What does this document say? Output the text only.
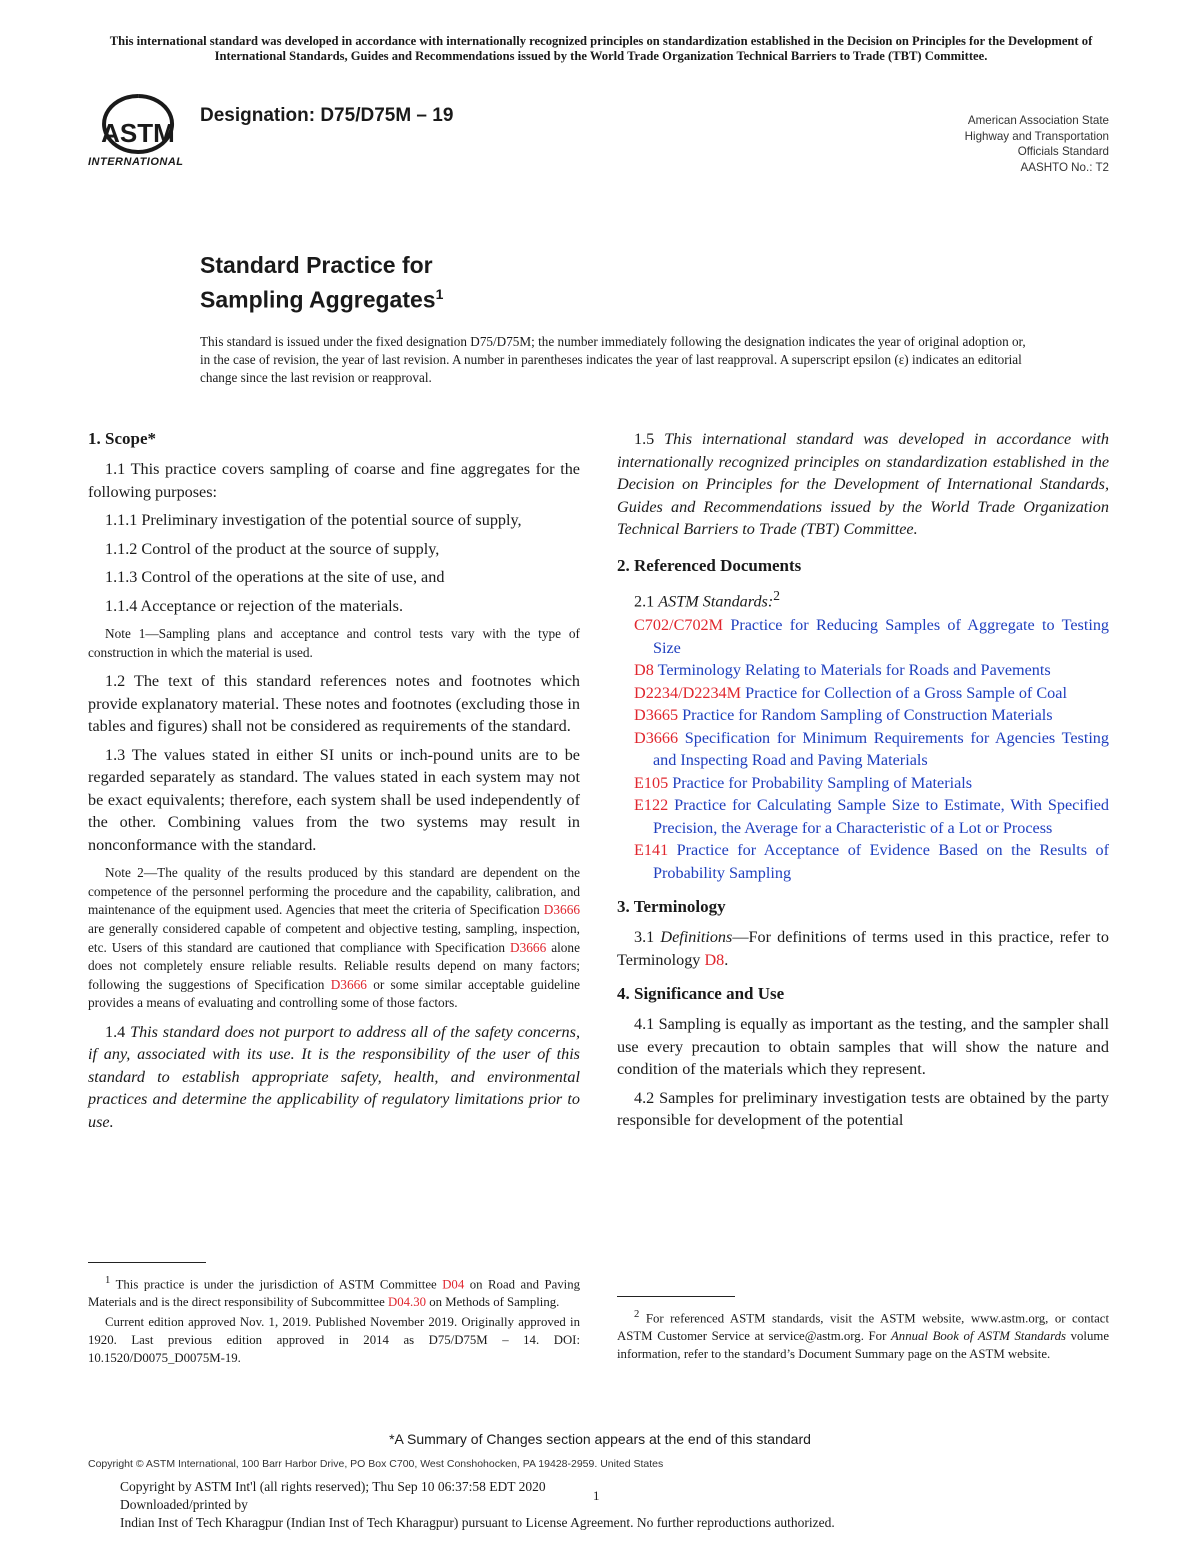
This international standard was developed in accordance with internationally recognized principles on standardization established in the Decision on Principles for the Development of International Standards, Guides and Recommendations issued by the World Trade Organization Technical Barriers to Trade (TBT) Committee.
ASTM
INTERNATIONAL
Designation: D75/D75M – 19	American Association State
Highway and Transportation
Officials Standard
AASHTO No.: T2
Standard Practice for
Sampling Aggregates$^1$
This standard is issued under the fixed designation D75/D75M; the number immediately following the designation indicates the year of original adoption or, in the case of revision, the year of last revision. A number in parentheses indicates the year of last reapproval. A superscript epsilon (ε) indicates an editorial change since the last revision or reapproval.
1. Scope*
1.1 This practice covers sampling of coarse and fine aggregates for the following purposes:
1.1.1 Preliminary investigation of the potential source of supply,
1.1.2 Control of the product at the source of supply,
1.1.3 Control of the operations at the site of use, and
1.1.4 Acceptance or rejection of the materials.
Note 1—Sampling plans and acceptance and control tests vary with the type of construction in which the material is used.
1.2 The text of this standard references notes and footnotes which provide explanatory material. These notes and footnotes (excluding those in tables and figures) shall not be considered as requirements of the standard.
1.3 The values stated in either SI units or inch-pound units are to be regarded separately as standard. The values stated in each system may not be exact equivalents; therefore, each system shall be used independently of the other. Combining values from the two systems may result in nonconformance with the standard.
Note 2—The quality of the results produced by this standard are dependent on the competence of the personnel performing the procedure and the capability, calibration, and maintenance of the equipment used. Agencies that meet the criteria of Specification D3666 are generally considered capable of competent and objective testing, sampling, inspection, etc. Users of this standard are cautioned that compliance with Specification D3666 alone does not completely ensure reliable results. Reliable results depend on many factors; following the suggestions of Specification D3666 or some similar acceptable guideline provides a means of evaluating and controlling some of those factors.
1.4 This standard does not purport to address all of the safety concerns, if any, associated with its use. It is the responsibility of the user of this standard to establish appropriate safety, health, and environmental practices and determine the applicability of regulatory limitations prior to use.
$^1$ This practice is under the jurisdiction of ASTM Committee D04 on Road and Paving Materials and is the direct responsibility of Subcommittee D04.30 on Methods of Sampling.
Current edition approved Nov. 1, 2019. Published November 2019. Originally approved in 1920. Last previous edition approved in 2014 as D75/D75M – 14. DOI: 10.1520/D0075_D0075M-19.
1.5 This international standard was developed in accordance with internationally recognized principles on standardization established in the Decision on Principles for the Development of International Standards, Guides and Recommendations issued by the World Trade Organization Technical Barriers to Trade (TBT) Committee.
2. Referenced Documents
2.1 ASTM Standards:$^2$
C702/C702M Practice for Reducing Samples of Aggregate to Testing Size
D8 Terminology Relating to Materials for Roads and Pavements
D2234/D2234M Practice for Collection of a Gross Sample of Coal
D3665 Practice for Random Sampling of Construction Materials
D3666 Specification for Minimum Requirements for Agencies Testing and Inspecting Road and Paving Materials
E105 Practice for Probability Sampling of Materials
E122 Practice for Calculating Sample Size to Estimate, With Specified Precision, the Average for a Characteristic of a Lot or Process
E141 Practice for Acceptance of Evidence Based on the Results of Probability Sampling
3. Terminology
3.1 Definitions—For definitions of terms used in this practice, refer to Terminology D8.
4. Significance and Use
4.1 Sampling is equally as important as the testing, and the sampler shall use every precaution to obtain samples that will show the nature and condition of the materials which they represent.
4.2 Samples for preliminary investigation tests are obtained by the party responsible for development of the potential
$^2$ For referenced ASTM standards, visit the ASTM website, www.astm.org, or contact ASTM Customer Service at service@astm.org. For Annual Book of ASTM Standards volume information, refer to the standard’s Document Summary page on the ASTM website.
*A Summary of Changes section appears at the end of this standard
Copyright © ASTM International, 100 Barr Harbor Drive, PO Box C700, West Conshohocken, PA 19428-2959. United States
Copyright by ASTM Int'l (all rights reserved); Thu Sep 10 06:37:58 EDT 2020
Downloaded/printed by
Indian Inst of Tech Kharagpur (Indian Inst of Tech Kharagpur) pursuant to License Agreement. No further reproductions authorized.
1
